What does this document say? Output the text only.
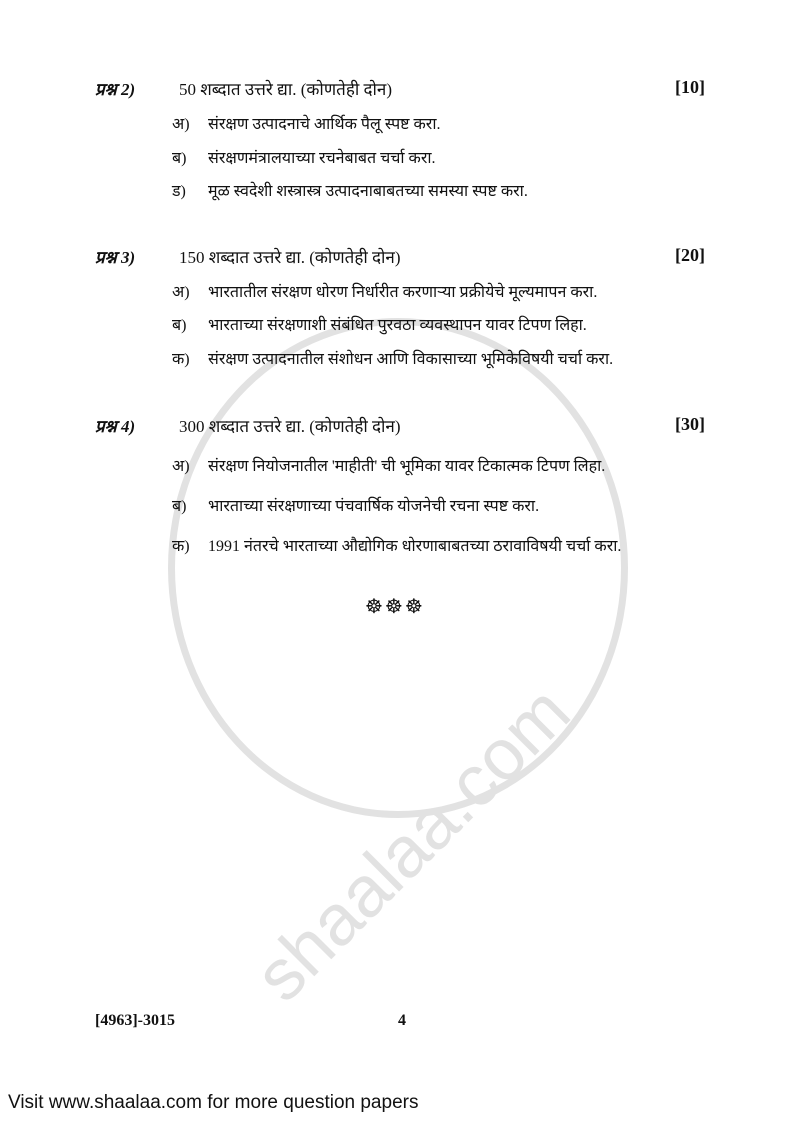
shaalaa.com
प्रश्न 2)	50 शब्दात उत्तरे द्या. (कोणतेही दोन)	[10]
अ) संरक्षण उत्पादनाचे आर्थिक पैलू स्पष्ट करा.
ब) संरक्षणमंत्रालयाच्या रचनेबाबत चर्चा करा.
ड) मूळ स्वदेशी शस्त्रास्त्र उत्पादनाबाबतच्या समस्या स्पष्ट करा.
प्रश्न 3)	150 शब्दात उत्तरे द्या. (कोणतेही दोन)	[20]
अ) भारतातील संरक्षण धोरण निर्धारीत करणाऱ्या प्रक्रीयेचे मूल्यमापन करा.
ब) भारताच्या संरक्षणाशी संबंधित पुरवठा व्यवस्थापन यावर टिपण लिहा.
क) संरक्षण उत्पादनातील संशोधन आणि विकासाच्या भूमिकेविषयी चर्चा करा.
प्रश्न 4)	300 शब्दात उत्तरे द्या. (कोणतेही दोन)	[30]
अ) संरक्षण नियोजनातील 'माहीती' ची भूमिका यावर टिकात्मक टिपण लिहा.
ब) भारताच्या संरक्षणाच्या पंचवार्षिक योजनेची रचना स्पष्ट करा.
क) 1991 नंतरचे भारताच्या औद्योगिक धोरणाबाबतच्या ठरावाविषयी चर्चा करा.
☸☸☸
[4963]-3015	4
Visit www.shaalaa.com for more question papers
